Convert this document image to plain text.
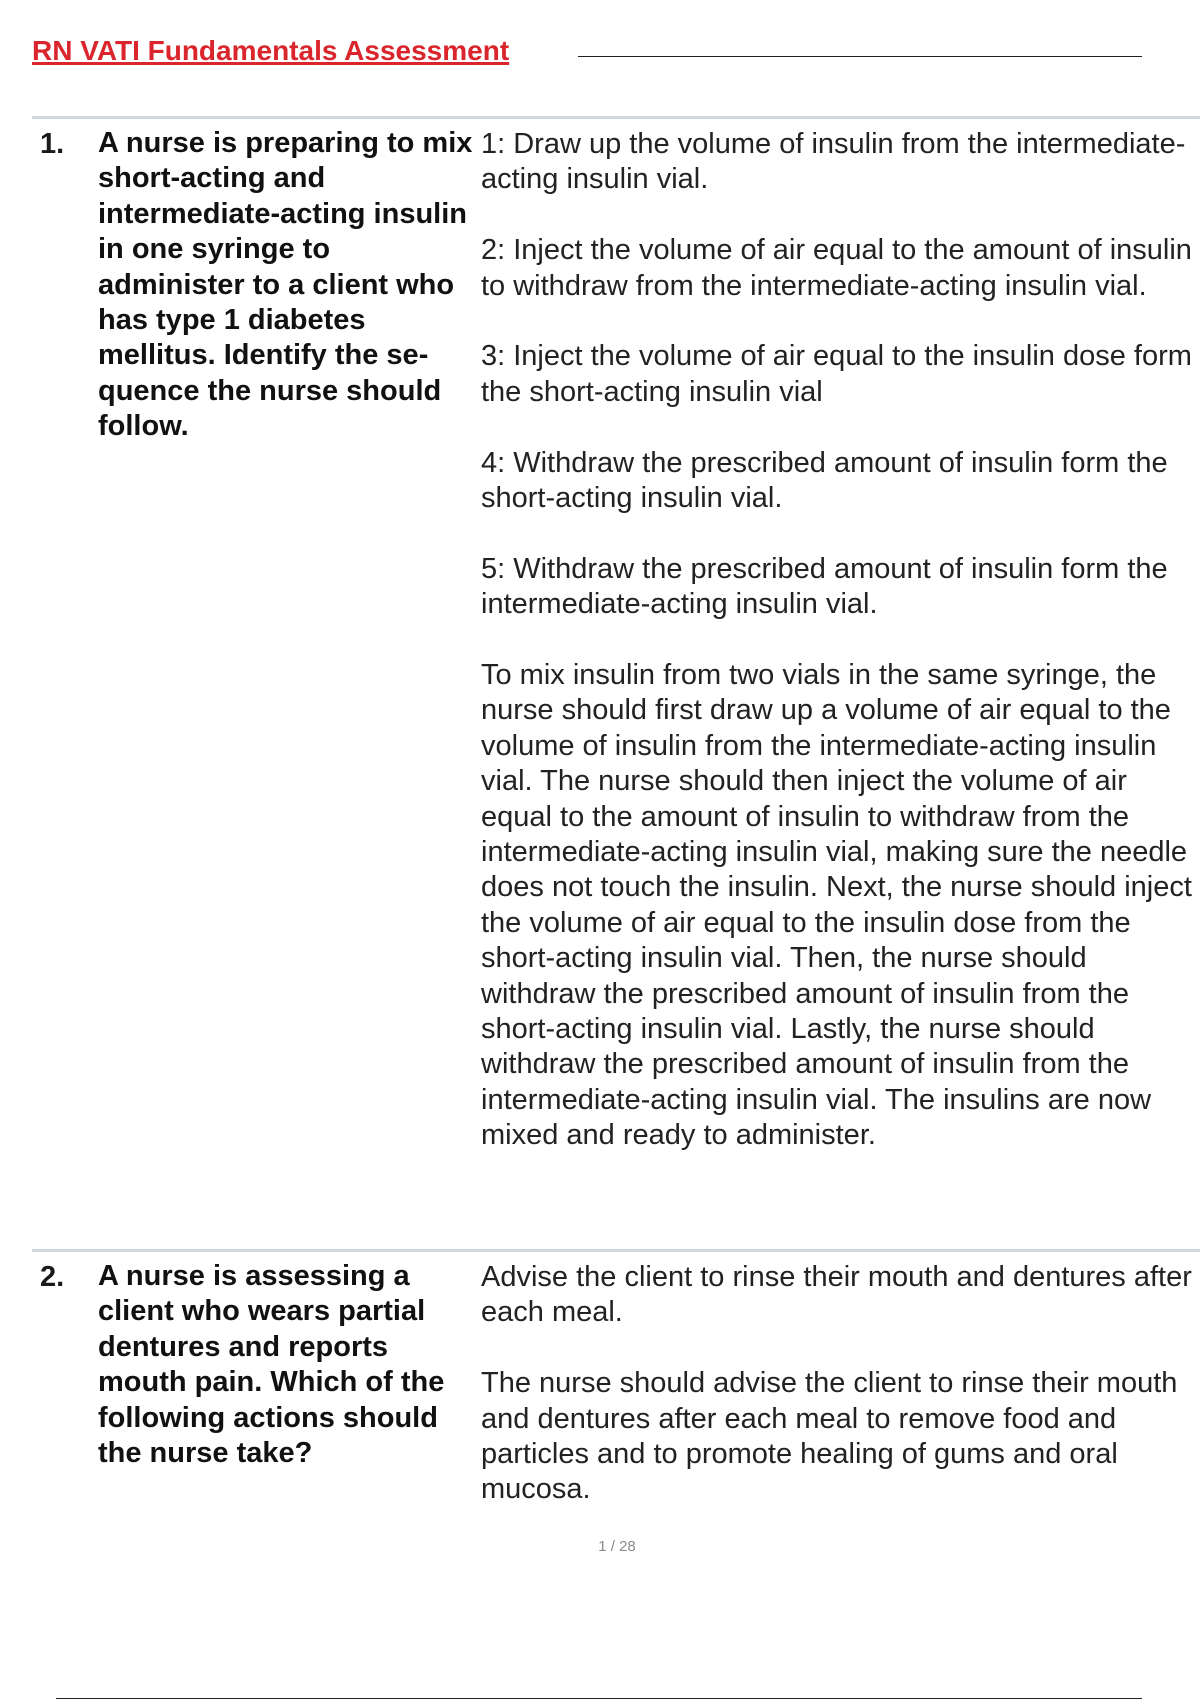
RN VATI Fundamentals Assessment
1. A nurse is preparing to mix short-acting and intermediate-acting insulin in one syringe to administer to a client who has type 1 diabetes mellitus. Identify the sequence the nurse should follow.

1: Draw up the volume of insulin from the intermediate-acting insulin vial.

2: Inject the volume of air equal to the amount of insulin to withdraw from the intermediate-acting insulin vial.

3: Inject the volume of air equal to the insulin dose form the short-acting insulin vial

4: Withdraw the prescribed amount of insulin form the short-acting insulin vial.

5: Withdraw the prescribed amount of insulin form the intermediate-acting insulin vial.

To mix insulin from two vials in the same syringe, the nurse should first draw up a volume of air equal to the volume of insulin from the intermediate-acting insulin vial. The nurse should then inject the volume of air equal to the amount of insulin to withdraw from the intermediate-acting insulin vial, making sure the needle does not touch the insulin. Next, the nurse should inject the volume of air equal to the insulin dose from the short-acting insulin vial. Then, the nurse should withdraw the prescribed amount of insulin from the short-acting insulin vial. Lastly, the nurse should withdraw the prescribed amount of insulin from the intermediate-acting insulin vial. The insulins are now mixed and ready to administer.

2. A nurse is assessing a client who wears partial dentures and reports mouth pain. Which of the following actions should the nurse take?

Advise the client to rinse their mouth and dentures after each meal.

The nurse should advise the client to rinse their mouth and dentures after each meal to remove food and particles and to promote healing of gums and oral mucosa.

1 / 28
